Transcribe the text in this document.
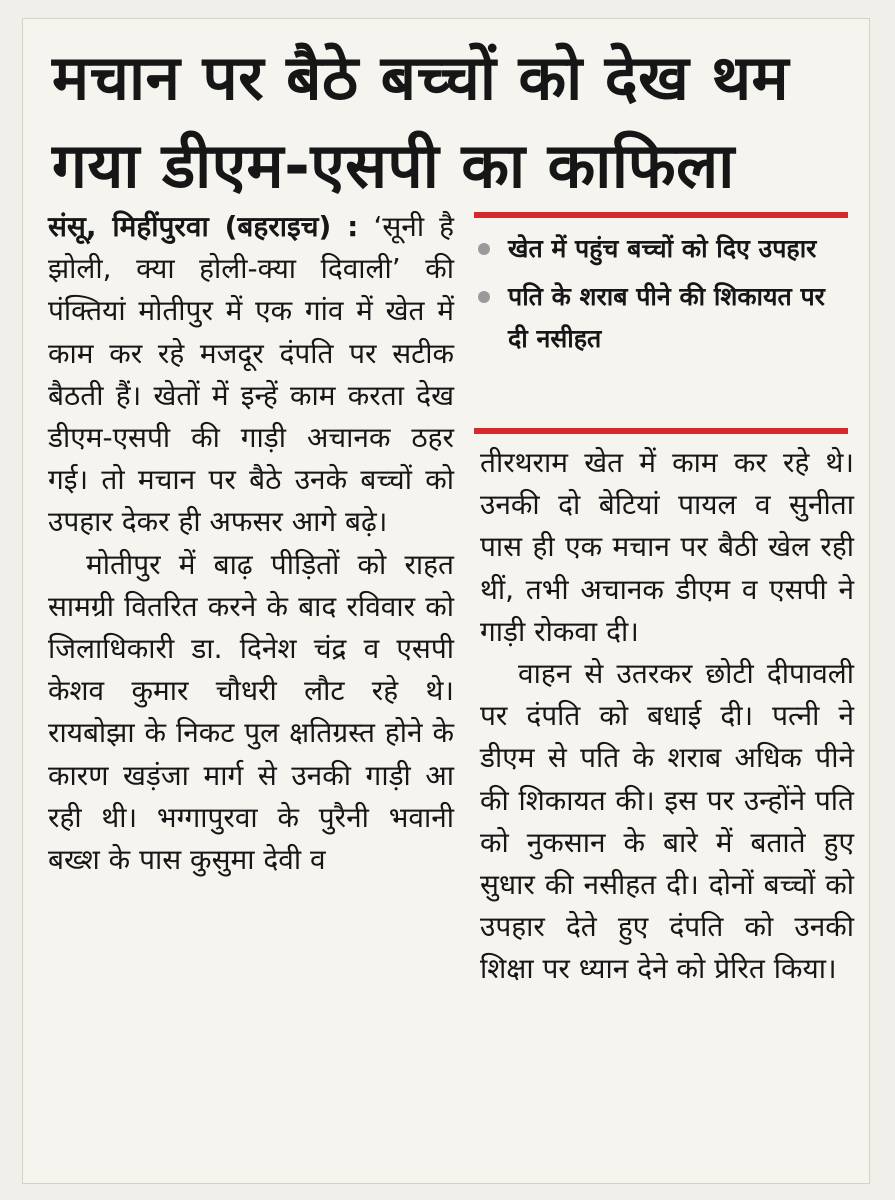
मचान पर बैठे बच्चों को देख थम
गया डीएम-एसपी का काफिला
खेत में पहुंच बच्चों को दिए उपहार
पति के शराब पीने की शिकायत पर दी नसीहत

संसू, मिहींपुरवा (बहराइच) : ‘सूनी है झोली, क्या होली-क्या दिवाली’ की पंक्तियां मोतीपुर में एक गांव में खेत में काम कर रहे मजदूर दंपति पर सटीक बैठती हैं। खेतों में इन्हें काम करता देख डीएम-एसपी की गाड़ी अचानक ठहर गई। तो मचान पर बैठे उनके बच्चों को उपहार देकर ही अफसर आगे बढ़े।

मोतीपुर में बाढ़ पीड़ितों को राहत सामग्री वितरित करने के बाद रविवार को जिलाधिकारी डा. दिनेश चंद्र व एसपी केशव कुमार चौधरी लौट रहे थे। रायबोझा के निकट पुल क्षतिग्रस्त होने के कारण खड़ंजा मार्ग से उनकी गाड़ी आ रही थी। भग्गापुरवा के पुरैनी भवानी बख्श के पास कुसुमा देवी व

तीरथराम खेत में काम कर रहे थे। उनकी दो बेटियां पायल व सुनीता पास ही एक मचान पर बैठी खेल रही थीं, तभी अचानक डीएम व एसपी ने गाड़ी रोकवा दी।

वाहन से उतरकर छोटी दीपावली पर दंपति को बधाई दी। पत्नी ने डीएम से पति के शराब अधिक पीने की शिकायत की। इस पर उन्होंने पति को नुकसान के बारे में बताते हुए सुधार की नसीहत दी। दोनों बच्चों को उपहार देते हुए दंपति को उनकी शिक्षा पर ध्यान देने को प्रेरित किया।
